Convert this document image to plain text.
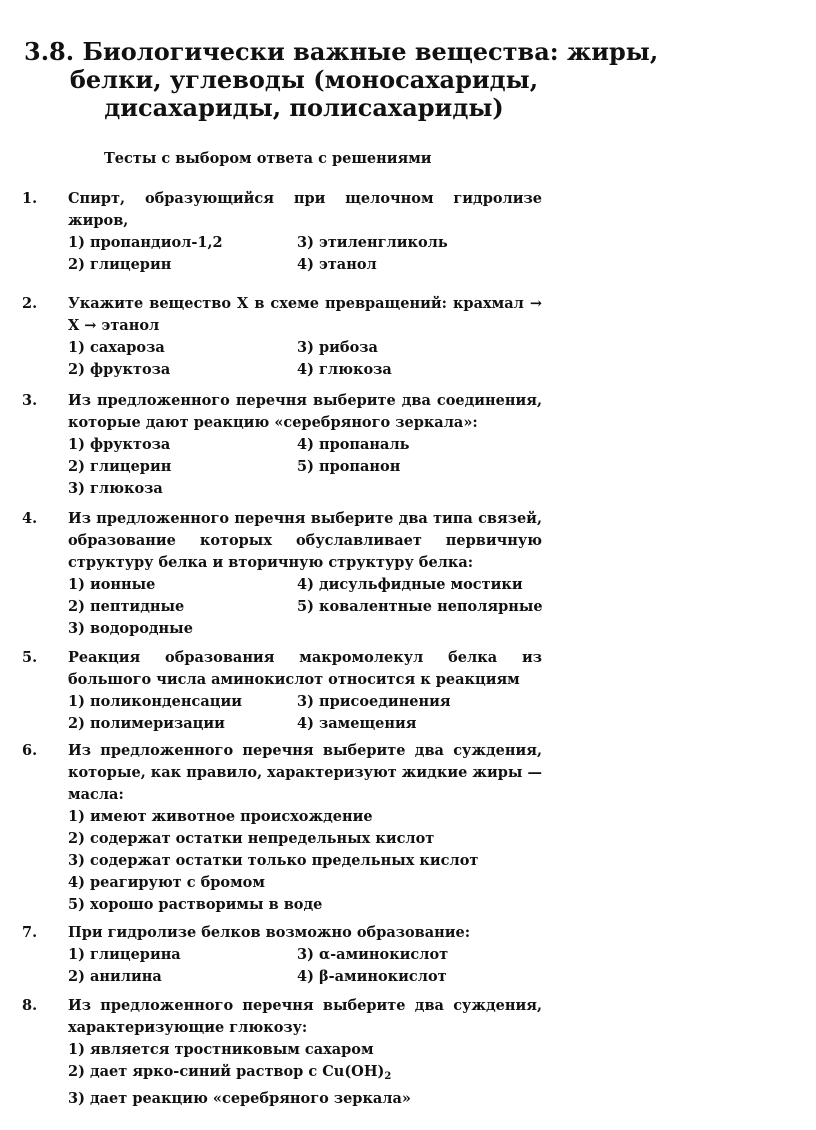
3.8. Биологически важные вещества: жиры,
белки, углеводы (моносахариды,
дисахариды, полисахариды)
Тесты с выбором ответа с решениями
1. Спирт, образующийся при щелочном гидролизе жиров,
1) пропандиол-1,2	3) этиленгликоль
2) глицерин	4) этанол
2. Укажите вещество X в схеме превращений: крахмал → X → этанол
1) сахароза	3) рибоза
2) фруктоза	4) глюкоза
3. Из предложенного перечня выберите два соединения, которые дают реакцию «серебряного зеркала»:
1) фруктоза	4) пропаналь
2) глицерин	5) пропанон
3) глюкоза
4. Из предложенного перечня выберите два типа связей, образование которых обуславливает первичную структуру белка и вторичную структуру белка:
1) ионные	4) дисульфидные мостики
2) пептидные	5) ковалентные неполярные
3) водородные
5. Реакция образования макромолекул белка из большого числа аминокислот относится к реакциям
1) поликонденсации	3) присоединения
2) полимеризации	4) замещения
6. Из предложенного перечня выберите два суждения, которые, как правило, характеризуют жидкие жиры — масла:
1) имеют животное происхождение
2) содержат остатки непредельных кислот
3) содержат остатки только предельных кислот
4) реагируют с бромом
5) хорошо растворимы в воде
7. При гидролизе белков возможно образование:
1) глицерина	3) α-аминокислот
2) анилина	4) β-аминокислот
8. Из предложенного перечня выберите два суждения, характеризующие глюкозу:
1) является тростниковым сахаром
2) дает ярко-синий раствор с $Cu(OH)_2$
3) дает реакцию «серебряного зеркала»
